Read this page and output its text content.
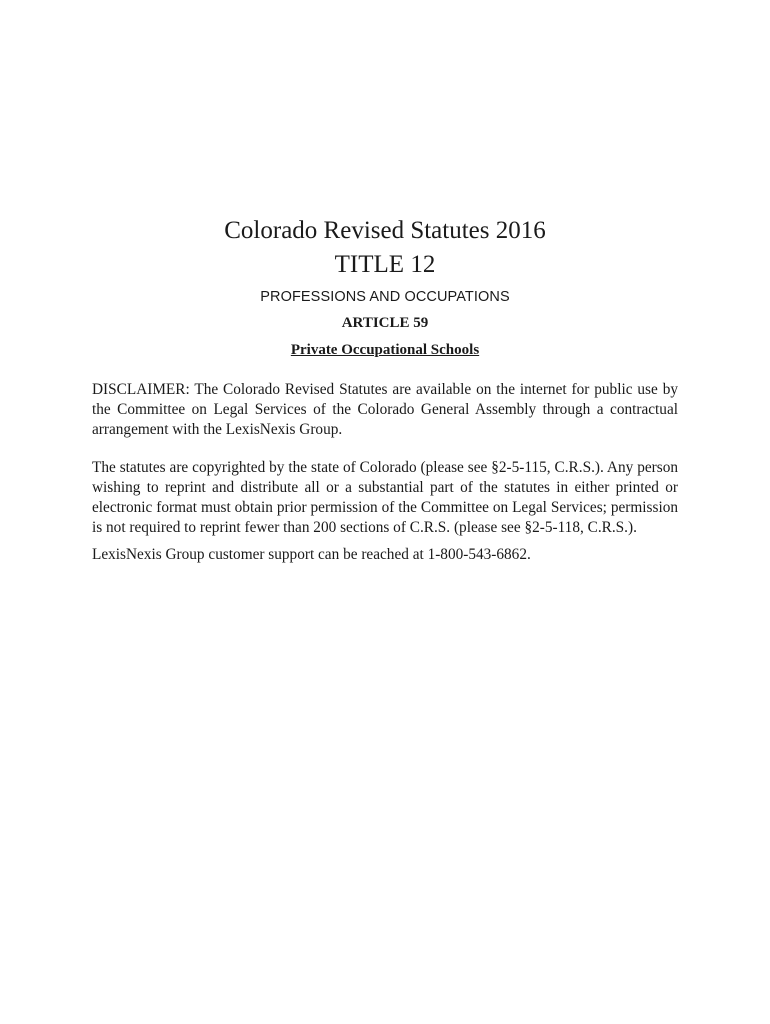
Colorado Revised Statutes 2016
TITLE 12
PROFESSIONS AND OCCUPATIONS
ARTICLE 59
Private Occupational Schools

DISCLAIMER: The Colorado Revised Statutes are available on the internet for public use by the Committee on Legal Services of the Colorado General Assembly through a contractual arrangement with the LexisNexis Group.

The statutes are copyrighted by the state of Colorado (please see §2-5-115, C.R.S.). Any person wishing to reprint and distribute all or a substantial part of the statutes in either printed or electronic format must obtain prior permission of the Committee on Legal Services; permission is not required to reprint fewer than 200 sections of C.R.S. (please see §2-5-118, C.R.S.).

LexisNexis Group customer support can be reached at 1-800-543-6862.
